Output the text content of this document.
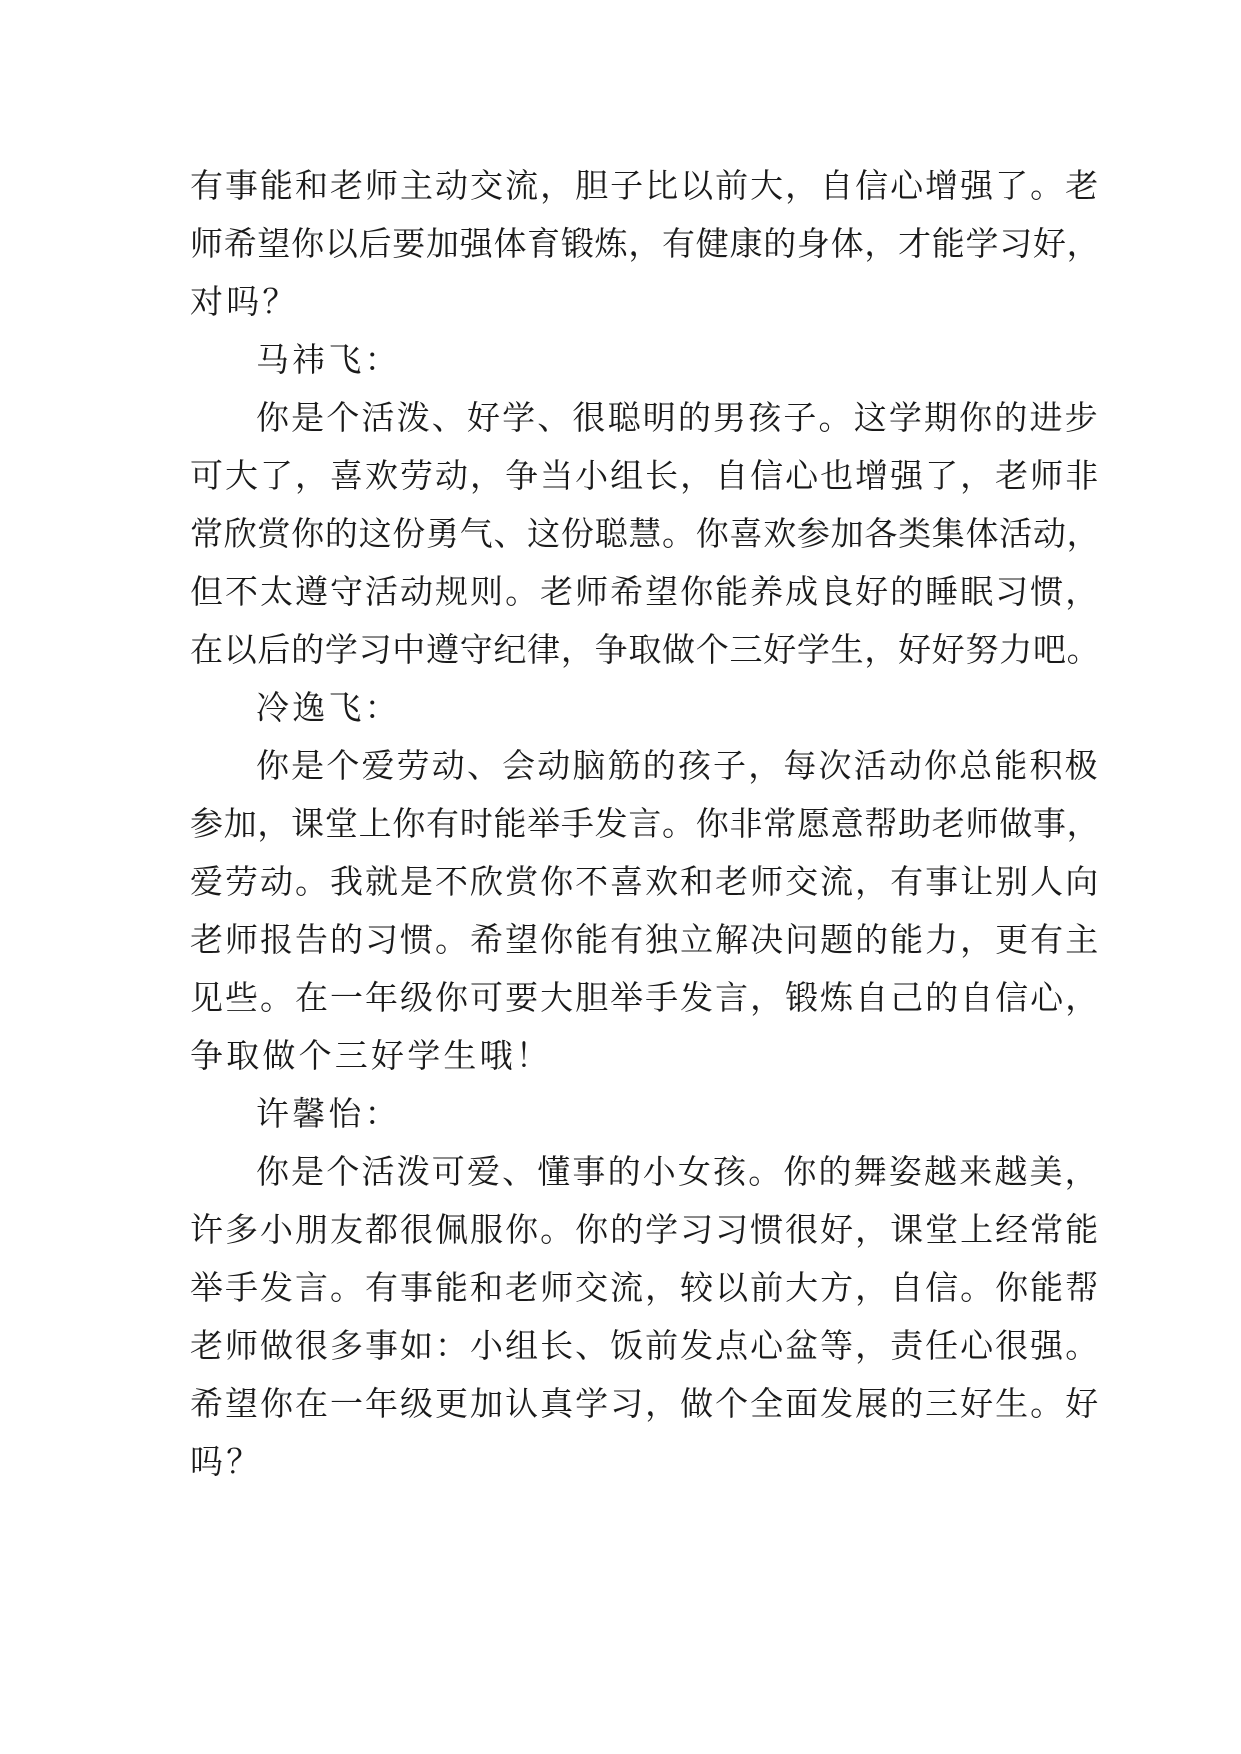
有事能和老师主动交流，胆子比以前大，自信心增强了。老
师希望你以后要加强体育锻炼，有健康的身体，才能学习好，
对吗？
马祎飞：
你是个活泼、好学、很聪明的男孩子。这学期你的进步
可大了，喜欢劳动，争当小组长，自信心也增强了，老师非
常欣赏你的这份勇气、这份聪慧。你喜欢参加各类集体活动，
但不太遵守活动规则。老师希望你能养成良好的睡眠习惯，
在以后的学习中遵守纪律，争取做个三好学生，好好努力吧。
冷逸飞：
你是个爱劳动、会动脑筋的孩子，每次活动你总能积极
参加，课堂上你有时能举手发言。你非常愿意帮助老师做事，
爱劳动。我就是不欣赏你不喜欢和老师交流，有事让别人向
老师报告的习惯。希望你能有独立解决问题的能力，更有主
见些。在一年级你可要大胆举手发言，锻炼自己的自信心，
争取做个三好学生哦！
许馨怡：
你是个活泼可爱、懂事的小女孩。你的舞姿越来越美，
许多小朋友都很佩服你。你的学习习惯很好，课堂上经常能
举手发言。有事能和老师交流，较以前大方，自信。你能帮
老师做很多事如：小组长、饭前发点心盆等，责任心很强。
希望你在一年级更加认真学习，做个全面发展的三好生。好
吗？
